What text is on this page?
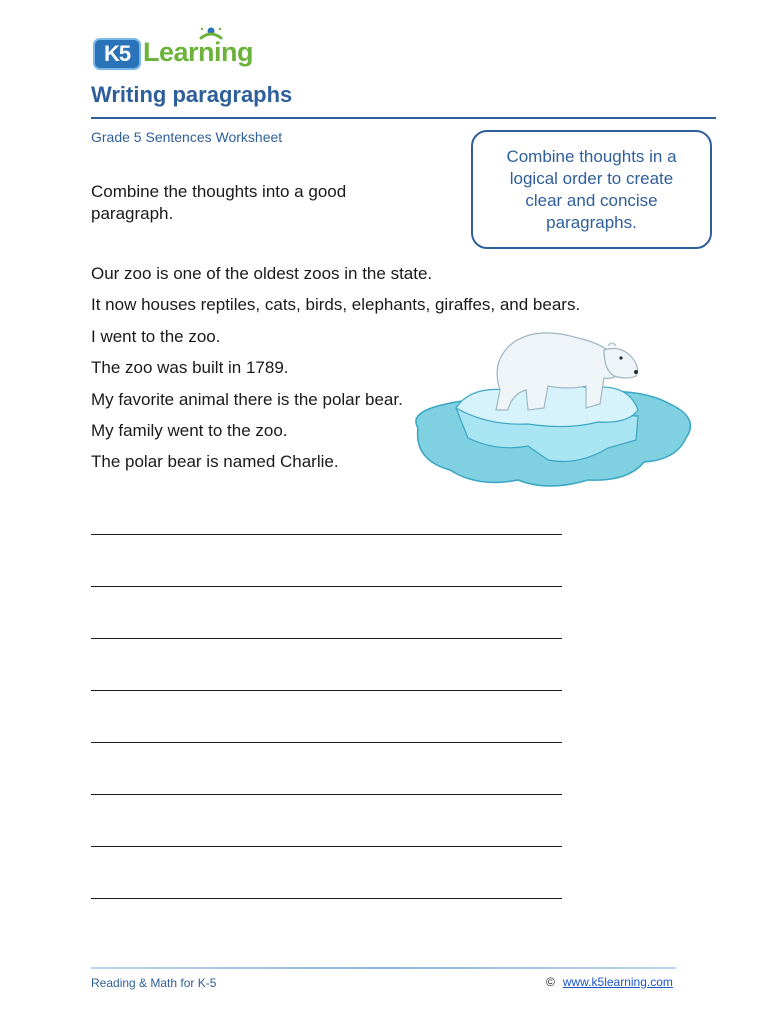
K5 Learning
Writing paragraphs
Grade 5 Sentences Worksheet
Combine the thoughts into a good paragraph.
Combine thoughts in a logical order to create clear and concise paragraphs.
Our zoo is one of the oldest zoos in the state.
It now houses reptiles, cats, birds, elephants, giraffes, and bears.
I went to the zoo.
The zoo was built in 1789.
My favorite animal there is the polar bear.
My family went to the zoo.
The polar bear is named Charlie.
Reading & Math for K-5	© www.k5learning.com
